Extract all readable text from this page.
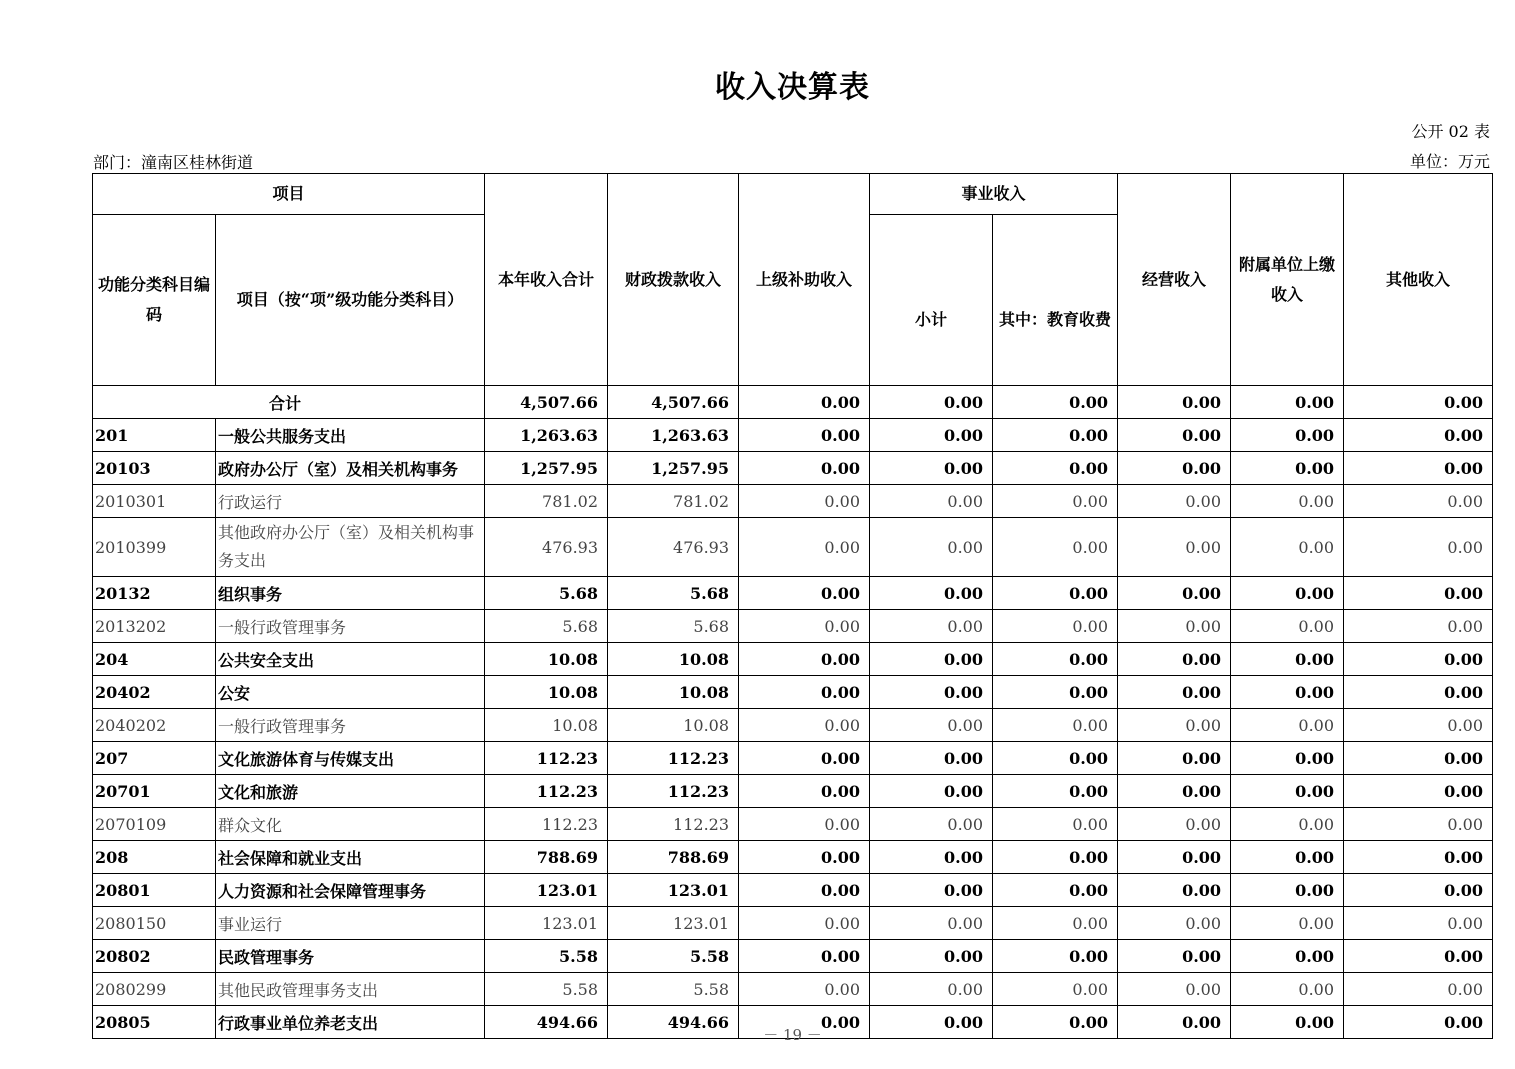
收入决算表
公开 02 表
部门：潼南区桂林街道	单位：万元
项目		本年收入合计	财政拨款收入	上级补助收入	事业收入		经营收入	附属单位上缴收入	其他收入
功能分类科目编码	项目（按“项”级功能分类科目）				小计	其中：教育收费			
合计		4,507.66	4,507.66	0.00	0.00	0.00	0.00	0.00	0.00
201	一般公共服务支出	1,263.63	1,263.63	0.00	0.00	0.00	0.00	0.00	0.00
20103	政府办公厅（室）及相关机构事务	1,257.95	1,257.95	0.00	0.00	0.00	0.00	0.00	0.00
2010301	行政运行	781.02	781.02	0.00	0.00	0.00	0.00	0.00	0.00
2010399	其他政府办公厅（室）及相关机构事务支出	476.93	476.93	0.00	0.00	0.00	0.00	0.00	0.00
20132	组织事务	5.68	5.68	0.00	0.00	0.00	0.00	0.00	0.00
2013202	一般行政管理事务	5.68	5.68	0.00	0.00	0.00	0.00	0.00	0.00
204	公共安全支出	10.08	10.08	0.00	0.00	0.00	0.00	0.00	0.00
20402	公安	10.08	10.08	0.00	0.00	0.00	0.00	0.00	0.00
2040202	一般行政管理事务	10.08	10.08	0.00	0.00	0.00	0.00	0.00	0.00
207	文化旅游体育与传媒支出	112.23	112.23	0.00	0.00	0.00	0.00	0.00	0.00
20701	文化和旅游	112.23	112.23	0.00	0.00	0.00	0.00	0.00	0.00
2070109	群众文化	112.23	112.23	0.00	0.00	0.00	0.00	0.00	0.00
208	社会保障和就业支出	788.69	788.69	0.00	0.00	0.00	0.00	0.00	0.00
20801	人力资源和社会保障管理事务	123.01	123.01	0.00	0.00	0.00	0.00	0.00	0.00
2080150	事业运行	123.01	123.01	0.00	0.00	0.00	0.00	0.00	0.00
20802	民政管理事务	5.58	5.58	0.00	0.00	0.00	0.00	0.00	0.00
2080299	其他民政管理事务支出	5.58	5.58	0.00	0.00	0.00	0.00	0.00	0.00
20805	行政事业单位养老支出	494.66	494.66	0.00	0.00	0.00	0.00	0.00	0.00
－ 19 －
